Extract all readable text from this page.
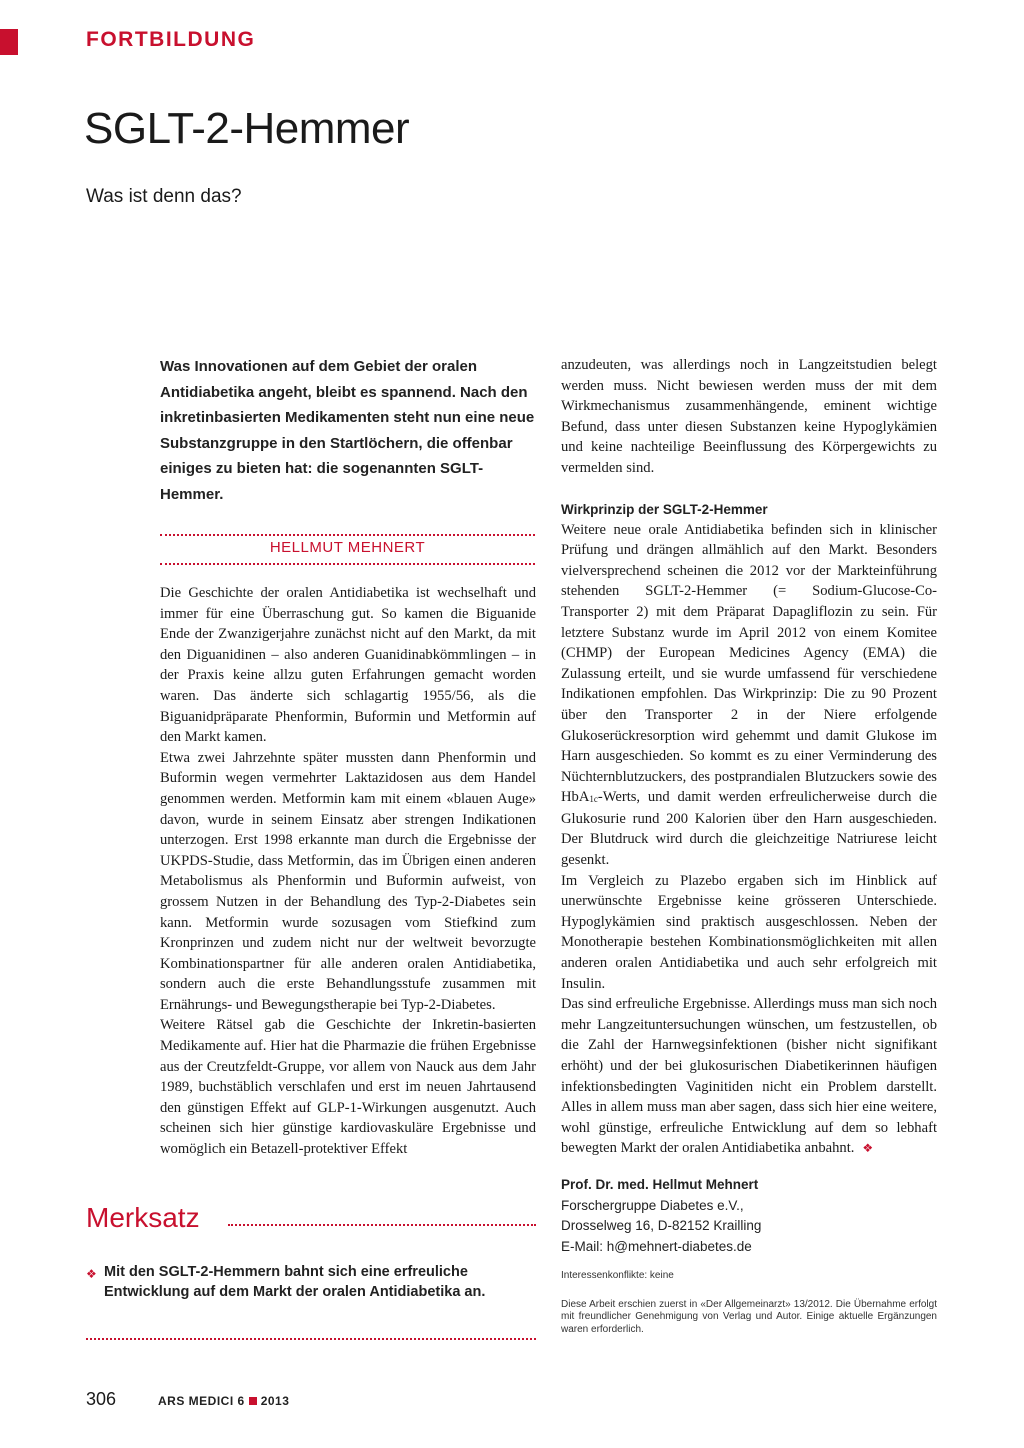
FORTBILDUNG
SGLT-2-Hemmer
Was ist denn das?
Was Innovationen auf dem Gebiet der oralen Antidiabetika angeht, bleibt es spannend. Nach den inkretinbasierten Medikamenten steht nun eine neue Substanzgruppe in den Startlöchern, die offenbar einiges zu bieten hat: die sogenannten SGLT-Hemmer.
HELLMUT MEHNERT

Die Geschichte der oralen Antidiabetika ist wechselhaft und immer für eine Überraschung gut. So kamen die Biguanide Ende der Zwanzigerjahre zunächst nicht auf den Markt, da mit den Diguanidinen – also anderen Guanidinabkömmlingen – in der Praxis keine allzu guten Erfahrungen gemacht worden waren. Das änderte sich schlagartig 1955/56, als die Biguanidpräparate Phenformin, Buformin und Metformin auf den Markt kamen.

Etwa zwei Jahrzehnte später mussten dann Phenformin und Buformin wegen vermehrter Laktazidosen aus dem Handel genommen werden. Metformin kam mit einem «blauen Auge» davon, wurde in seinem Einsatz aber strengen Indikationen unterzogen. Erst 1998 erkannte man durch die Ergebnisse der UKPDS-Studie, dass Metformin, das im Übrigen einen anderen Metabolismus als Phenformin und Buformin aufweist, von grossem Nutzen in der Behandlung des Typ-2-Diabetes sein kann. Metformin wurde sozusagen vom Stiefkind zum Kronprinzen und zudem nicht nur der weltweit bevorzugte Kombinationspartner für alle anderen oralen Antidiabetika, sondern auch die erste Behandlungsstufe zusammen mit Ernährungs- und Bewegungstherapie bei Typ-2-Diabetes.

Weitere Rätsel gab die Geschichte der Inkretin-basierten Medikamente auf. Hier hat die Pharmazie die frühen Ergebnisse aus der Creutzfeldt-Gruppe, vor allem von Nauck aus dem Jahr 1989, buchstäblich verschlafen und erst im neuen Jahrtausend den günstigen Effekt auf GLP-1-Wirkungen ausgenutzt. Auch scheinen sich hier günstige kardiovaskuläre Ergebnisse und womöglich ein Betazell-protektiver Effekt

anzudeuten, was allerdings noch in Langzeitstudien belegt werden muss. Nicht bewiesen werden muss der mit dem Wirkmechanismus zusammenhängende, eminent wichtige Befund, dass unter diesen Substanzen keine Hypoglykämien und keine nachteilige Beeinflussung des Körpergewichts zu vermelden sind.

Wirkprinzip der SGLT-2-Hemmer

Weitere neue orale Antidiabetika befinden sich in klinischer Prüfung und drängen allmählich auf den Markt. Besonders vielversprechend scheinen die 2012 vor der Markteinführung stehenden SGLT-2-Hemmer (= Sodium-Glucose-Co-Transporter 2) mit dem Präparat Dapagliflozin zu sein. Für letztere Substanz wurde im April 2012 von einem Komitee (CHMP) der European Medicines Agency (EMA) die Zulassung erteilt, und sie wurde umfassend für verschiedene Indikationen empfohlen. Das Wirkprinzip: Die zu 90 Prozent über den Transporter 2 in der Niere erfolgende Glukoserückresorption wird gehemmt und damit Glukose im Harn ausgeschieden. So kommt es zu einer Verminderung des Nüchternblutzuckers, des postprandialen Blutzuckers sowie des HbA$_{1c}$-Werts, und damit werden erfreulicherweise durch die Glukosurie rund 200 Kalorien über den Harn ausgeschieden. Der Blutdruck wird durch die gleichzeitige Natriurese leicht gesenkt.

Im Vergleich zu Plazebo ergaben sich im Hinblick auf unerwünschte Ergebnisse keine grösseren Unterschiede. Hypoglykämien sind praktisch ausgeschlossen. Neben der Monotherapie bestehen Kombinationsmöglichkeiten mit allen anderen oralen Antidiabetika und auch sehr erfolgreich mit Insulin.

Das sind erfreuliche Ergebnisse. Allerdings muss man sich noch mehr Langzeituntersuchungen wünschen, um festzustellen, ob die Zahl der Harnwegsinfektionen (bisher nicht signifikant erhöht) und der bei glukosurischen Diabetikerinnen häufigen infektionsbedingten Vaginitiden nicht ein Problem darstellt. Alles in allem muss man aber sagen, dass sich hier eine weitere, wohl günstige, erfreuliche Entwicklung auf dem so lebhaft bewegten Markt der oralen Antidiabetika anbahnt. ❖

Merksatz
❖ Mit den SGLT-2-Hemmern bahnt sich eine erfreuliche Entwicklung auf dem Markt der oralen Antidiabetika an.
Prof. Dr. med. Hellmut Mehnert
Forschergruppe Diabetes e.V.,
Drosselweg 16, D-82152 Krailling
E-Mail: h@mehnert-diabetes.de
Interessenkonflikte: keine
Diese Arbeit erschien zuerst in «Der Allgemeinarzt» 13/2012. Die Übernahme erfolgt mit freundlicher Genehmigung von Verlag und Autor. Einige aktuelle Ergänzungen waren erforderlich.
306	ARS MEDICI 6 2013
